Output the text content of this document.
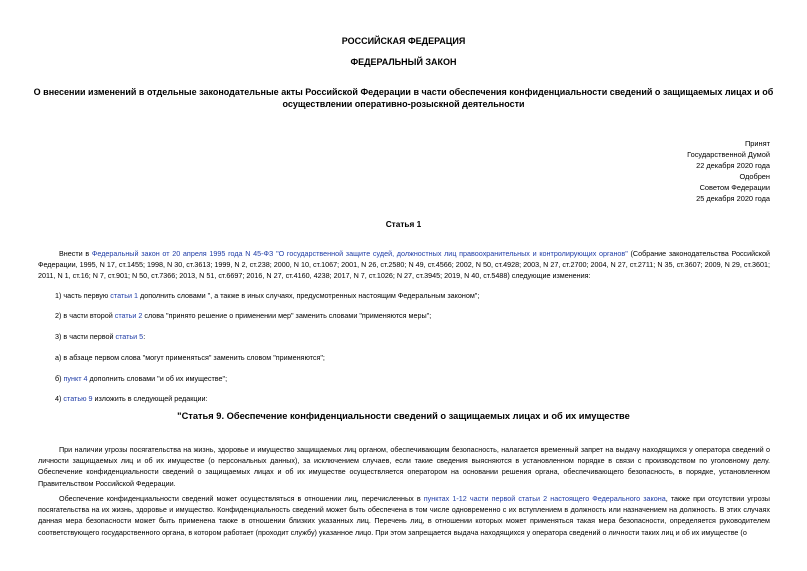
РОССИЙСКАЯ ФЕДЕРАЦИЯ
ФЕДЕРАЛЬНЫЙ ЗАКОН
О внесении изменений в отдельные законодательные акты Российской Федерации в части обеспечения конфиденциальности сведений о защищаемых лицах и об осуществлении оперативно-розыскной деятельности
Принят
Государственной Думой
22 декабря 2020 года
Одобрен
Советом Федерации
25 декабря 2020 года
Статья 1
Внести в Федеральный закон от 20 апреля 1995 года N 45-ФЗ "О государственной защите судей, должностных лиц правоохранительных и контролирующих органов" (Собрание законодательства Российской Федерации, 1995, N 17, ст.1455; 1998, N 30, ст.3613; 1999, N 2, ст.238; 2000, N 10, ст.1067; 2001, N 26, ст.2580; N 49, ст.4566; 2002, N 50, ст.4928; 2003, N 27, ст.2700; 2004, N 27, ст.2711; N 35, ст.3607; 2009, N 29, ст.3601; 2011, N 1, ст.16; N 7, ст.901; N 50, ст.7366; 2013, N 51, ст.6697; 2016, N 27, ст.4160, 4238; 2017, N 7, ст.1026; N 27, ст.3945; 2019, N 40, ст.5488) следующие изменения:
1) часть первую статьи 1 дополнить словами ", а также в иных случаях, предусмотренных настоящим Федеральным законом";
2) в части второй статьи 2 слова "принято решение о применении мер" заменить словами "применяются меры";
3) в части первой статьи 5:
а) в абзаце первом слова "могут применяться" заменить словом "применяются";
б) пункт 4 дополнить словами "и об их имуществе";
4) статью 9 изложить в следующей редакции:
"Статья 9. Обеспечение конфиденциальности сведений о защищаемых лицах и об их имуществе
При наличии угрозы посягательства на жизнь, здоровье и имущество защищаемых лиц органом, обеспечивающим безопасность, налагается временный запрет на выдачу находящихся у оператора сведений о личности защищаемых лиц и об их имуществе (о персональных данных), за исключением случаев, если такие сведения выясняются в установленном порядке в связи с производством по уголовному делу. Обеспечение конфиденциальности сведений о защищаемых лицах и об их имуществе осуществляется оператором на основании решения органа, обеспечивающего безопасность, в порядке, установленном Правительством Российской Федерации.
Обеспечение конфиденциальности сведений может осуществляться в отношении лиц, перечисленных в пунктах 1-12 части первой статьи 2 настоящего Федерального закона, также при отсутствии угрозы посягательства на их жизнь, здоровье и имущество. Конфиденциальность сведений может быть обеспечена в том числе одновременно с их вступлением в должность или назначением на должность. В этих случаях данная мера безопасности может быть применена также в отношении близких указанных лиц. Перечень лиц, в отношении которых может применяться такая мера безопасности, определяется руководителем соответствующего государственного органа, в котором работает (проходит службу) указанное лицо. При этом запрещается выдача находящихся у оператора сведений о личности таких лиц и об их имуществе (о
